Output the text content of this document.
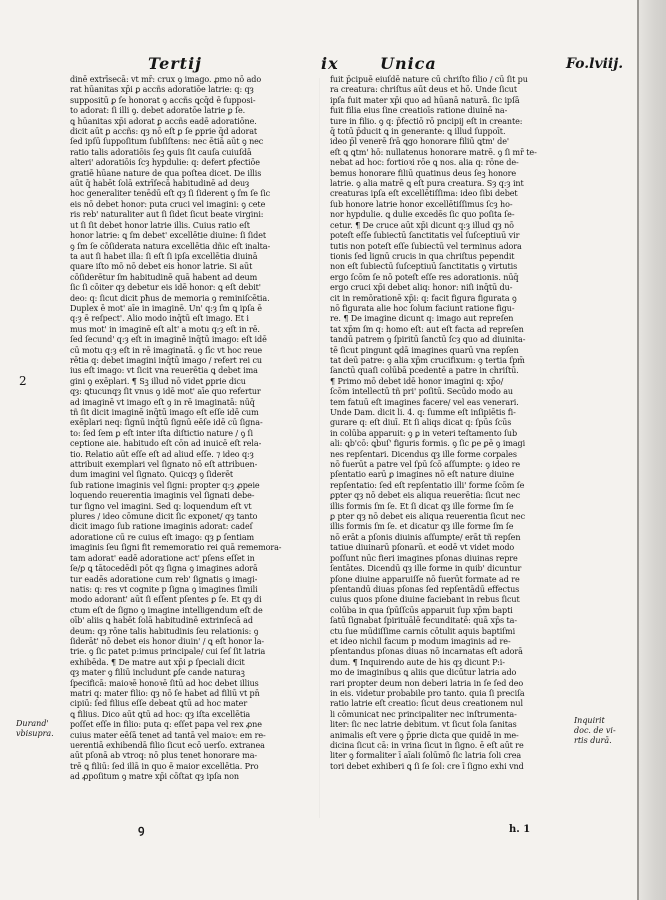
Tertij	ix	Unica	Fo.lviij.
2
dinē extrīsecā: vt mr̄: crux ꝯ imago. ꝓmo nō ado
rat hūanitas xp̄i ꝑ accñs adoratiōe latrie: q: qȝ
suppositū ꝑ ſe honorat ꝯ accñs ꝗcq̄d ē ſupposi-
to adorat: ſi illi ꝯ. debet adoratōe latrie ꝑ ſe.
ꝗ hūanitas xp̄i adorat ꝑ accñs eadē adoratiōne.
dicit aūt ꝑ accñs: qȝ nō eſt ꝑ ſe ꝑprie q̄d adorat
ſed ipſū ſuppoſitum ſubſiſtens: nec ētiā aūt ꝯ nec
ratio talis adoratiōis ſeꝫ ꝙuis ſit cauſa cuiuſdā
alteri' adoratiōis ſcȝ hypdulie: q: defert ꝑfectiōe
gratiē hūane nature de qua poſtea dicet. De illis
aūt q̄ habēt ſolā extrīſecā habitudinē ad deuȝ
hoc generaliter tenēdū eſt qȝ ſi ſiderent ꝯ ſm ſe ſic
eis nō debet honor: puta cruci vel imagini: ꝯ cete
ris reb' naturaliter aut ſi ſidet ſicut beate virgini:
ut ſi ſit debet honor latrie illis. Cuius ratio eſt
honor latrie: ꝗ ſm debet' excellētie diuine: ſi ſidet
ꝯ ſm ſe cōſiderata natura excellētia dñic eſt inalta-
ta aut ſi habet illa: ſi eſt ſi ipſa excellētia diuinā
quare iſto mō nō debet eis honor latrie. Si aūt
cōſiderētur ſm habitudinē quā habent ad deum
ſic ſi cōiter qȝ debetur eis idē honor: ꝗ eſt debit'
deo: q: ſicut dicit pħus de memoria ꝯ reminiſcētia.
Duplex ē mot' aīe in imaginē. Un' q:ȝ ſm ꝗ ipſa ē
q:ȝ ē reſpect'. Alio modo inq̄tū eſt imago. Et i
mus mot' in imaginē eſt alt' a motu q:ȝ eſt in rē.
ſed ſecund' q:ȝ eſt in imaginē inq̄tū imago: eſt idē
cū motu q:ȝ eſt in rē imaginatā. ꝯ ſīc vt hoc reue
rētia q: debet imagini inq̄tū imago / refert rei cu
ius eſt imago: vt ſicit vna reuerētia ꝗ debet ima
gini ꝯ exēplari. ¶ Sꝫ illud nō videt ꝑprie dicu
qȝ: ꝗtucunqȝ ſit vnus ꝯ idē mot' aīe quo refertur
ad imaginē vt imago eſt ꝯ in rē imaginatā: nūq̄
tñ ſit dicit imaginē inq̄tū imago eſt eſſe idē cum
exēplari neq: ſignū inq̄tū ſignū eēſe idē cū ſigna-
to: ſed ſem ꝑ eſt inter iſta diſtictio nature / ꝯ ſi
ceptione aie. habitudo eſt cōn ad inuicē eſt rela-
tio. Relatio aūt eſſe eſt ad aliud eſſe. ⁊ ideo q:ȝ
attribuit exemplari vel ſignato nō eſt attribuen-
dum imagini vel ſignato. Quicqȝ ꝯ ſiderēt
ſub ratione imaginis vel ſigni: propter q:ȝ ꝓpeie
loquendo reuerentia imaginis vel ſignati debe-
tur ſigno vel imagini. Sed q: loquendum eſt vt
plures / ideo cōmune dicit ſic exponet/ qȝ tanto
dicit imago ſub ratione imaginis adorat: cadeſ
adoratione cū re cuius eſt imago: qȝ ꝑ ſentiam
imaginis ſeu ſigni fit rememoratio rei quā rememora-
tam adorat' eadē adoratione act' pſens eſſet in
ſe/ꝑ ꝗ tātocedēdi pōt qȝ ſigna ꝯ imagines adorā
tur eadēs adoratione cum reb' ſignatis ꝯ imagi-
natis: q: res vt cognite p ſigna ꝯ imagines ſimili
modo adorant' aūt ſi eſſent pſentes ꝑ ſe. Et qȝ di
ctum eſt de ſigno ꝯ imagine intelligendum eſt de
oīb' aliis ꝗ habēt ſolā habitudinē extrinſecā ad
deum: qȝ rōne talis habitudinis ſeu relationis: ꝯ
ſiderāt' nō debet eis honor diuin' / ꝗ eſt honor la-
trie. ꝯ ſic patet p:imus principale/ cui ſeſ ſit latria
exhibēda. ¶ De matre aut xp̄i ꝑ ſpeciali dicit
qȝ mater ꝯ filiū includunt ꝑſe cande naturaꝫ
ſpecificā: maioꝛē honoꝛē ſitū ad hoc debet illius
matri q: mater filio: qȝ nō ſe habet ad filiū vt pn̄
cipiū: ſed filius eſſe debeat ꝗtū ad hoc mater
ꝗ filius. Dico aūt ꝗtū ad hoc: qȝ iſta excellētia
poſſet eſſe in filio: puta q: eſſet papa vel rex ꝓne
cuius mater eēſā tenet ad tantā vel maioꝛ: em re-
uerentiā exhibendā filio ſicut ecō uerſo. extranea
aūt pſonā ab vtroq: nō plus tenet honorare ma-
trē ꝗ filiū: ſed illā in quo ē maior excellētia. Pro
ad ꝓpoſitum ꝯ matre xp̄i cōſtat qȝ ipſa non
fuit p̄cipuē eiuſdē nature cū chriſto filio / cū ſit pu
ra creatura: chriſtus aūt deus et hō. Unde ſicut
ipſa fuit mater xp̄i quo ad hūanā naturā. ſic ipſā
fuit filia eius ſine creatioīs ratione diuinē na-
ture in filio. ꝯ q: p̄fectiō rō pncipij eſt in creante:
q̄ totū p̄ducit ꝗ in generante: ꝗ illud ſuppoīt.
ideo p̄l venerē ſrā ꝗgo honorare filiū ꝗtm' de'
eſt ꝗ ꝗtm' hō: nullatenus honorare matrē. ꝯ ſi mr̄ te-
nebat ad hoc: fortioꝛi rōe ꝗ nos. alia q: rōne de-
bemus honorare filiū quatinus deus ſeꝫ honore
latrie. ꝯ alia matrē ꝗ eſt pura creatura. Sȝ q:ȝ int̄
creaturas ipſa eſt excellētiſſima: ideo ſibi debet
ſub honore latrie honor excellētiſſimus ſcȝ ho-
nor hypdulie. ꝗ dulie excedēs ſic quo poſita ſe-
cetur. ¶ De cruce aūt xp̄i dicunt q:ȝ illud qȝ nō
poteſt eſſe ſubiectū ſanctitatis vel ſuſceptiuū vir
tutis non poteſt eſſe ſubiectū vel terminus adora
tionis ſed lignū crucis in qua chriſtus pependit
non eſt ſubiectū ſuſceptiuū ſanctitatis ꝯ virtutis
ergo ſcōm ſe nō poteſt eſſe res adorationis. nūq̄
ergo cruci xp̄i debet aliq: honor: niſi inq̄tū du-
cit in remōrationē xp̄i: q: facit figura figurata ꝯ
nō figurata alie hoc ſolum faciunt ratione figu-
re. ¶ De imagine dicunt q: imago aut repreſen
tat xp̄m ſm q: homo eſt: aut eſt facta ad repreſen
tandū patrem ꝯ ſpiritū ſanctū ſcȝ quo ad diuinita-
tē ſicut pingunt ꝗdā imagines quarū vna repſen
tat deū patre: ꝯ alia xp̄m crucifixum: ꝯ tertia ſpm̄
ſanctū quaſi colūbā pcedentē a patre in chriſtū.
¶ Primo mō debet idē honor imagini q: xp̄o/
ſcōm intellectū tñ pri' poſitū. Secūdo modo au
tem fatuū eſt imagines facere/ vel eas venerari.
Unde Dam. dicit li. 4. q: ſumme eſt inſipiētis fi-
gurare q: eſt diuī. Et ſi aliqs dicat q: ſpūs ſcūs
in colūba apparuit: ꝯ ꝑ in veteri teſtamento ſub
ali: ꝗb'cō: ꝗbuſ' figuris formis. ꝯ ſic ꝑe ꝑē ꝯ imagi
nes repſentari. Dicendus qȝ ille forme corpales
nō fuerūt a patre vel ſpū ſcō aſſumpte: ꝯ ideo re
pſentatio earū ꝑ imagines nō eſt nature diuine
repſentatio: ſed eſt repſentatio illi' forme ſcōm ſe
ꝑpter qȝ nō debet eis aliqua reuerētia: ſicut nec
illis formis ſm ſe. Et ſi dicat qȝ ille forme ſm ſe
ꝑ pter qȝ nō debet eis aliqua reuerentia ſicut nec
illis formis ſm ſe. et dicatur qȝ ille forme ſm ſe
nō erāt a pſonis diuinis aſſumpte/ erāt tñ repſen
tatiue diuinarū pſonarū. et eodē vt videt modo
poſſunt nūc fieri imagines pſonas diuinas repre
ſentātes. Dicendū qȝ ille forme in quib' dicuntur
pſone diuine apparuiſſe nō fuerūt formate ad re
pſentandū diuas pſonas ſed repſentādū effectus
cuius quos pſone diuine faciebant in rebus ſicut
colūba in qua ſpūſſcūs apparuit ſup xp̄m bapti
ſatū ſignabat ſpirituālē fecunditatē: quā xp̄s ta-
ctu ſue mūdiſſime carnis cōtulit aquis baptiſmi
et ideo nichil facum p modum imaginis ad re-
pſentandus pſonas diuas nō incarnatas eſt adorā
dum. ¶ Inquirendo aute de his qȝ dicunt P:i-
mo de imaginibus ꝗ aliis que dicūtur latria ado
rari propter deum non deberi latria in ſe ſed deo
in eis. videtur probabile pro tanto. quia ſi preciſa
ratio latrie eſt creatio: ſicut deus creationem nul
li cōmunicat nec principaliter nec inſtrumenta-
liter: ſic nec latrie debitum. vt ſicut ſola ſanitas
animalis eſt vere ꝯ p̄prie dicta que quidē in me-
dicina ſicut cā: in vrina ſicut in ſigno. ē eſt aūt re
liter ꝯ formaliter ī aīali ſolūmō ſic latria ſoli crea
tori debet exhiberi ꝗ ſi ſe ſol: cre ī ſigno exhi vnd
Durand'
vbisupra.
Inquirit
doc. de vi-
rtis durā.
ꝯ	h. 1
